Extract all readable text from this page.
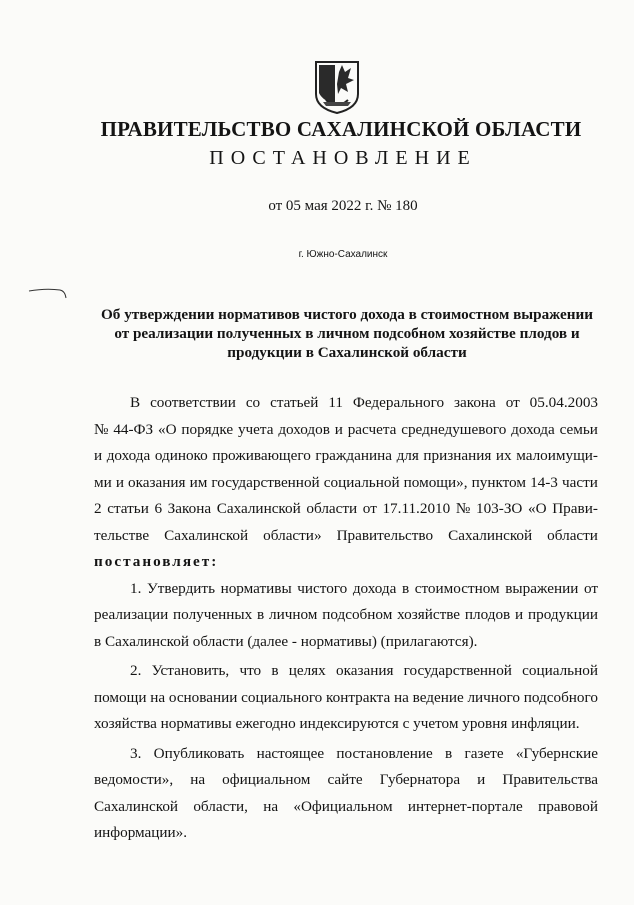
ПРАВИТЕЛЬСТВО САХАЛИНСКОЙ ОБЛАСТИ
ПОСТАНОВЛЕНИЕ
от 05 мая 2022 г. № 180
г. Южно-Сахалинск
Об утверждении нормативов чистого дохода в стоимостном выражении
от реализации полученных в личном подсобном хозяйстве плодов и
продукции в Сахалинской области
В соответствии со статьей 11 Федерального закона от 05.04.2003
№ 44-ФЗ «О порядке учета доходов и расчета среднедушевого дохода семьи
и дохода одиноко проживающего гражданина для признания их малоимущи-
ми и оказания им государственной социальной помощи», пунктом 14-3 части
2 статьи 6 Закона Сахалинской области от 17.11.2010 № 103-ЗО «О Прави-
тельстве Сахалинской области» Правительство Сахалинской области
постановляет:
1. Утвердить нормативы чистого дохода в стоимостном выражении от
реализации полученных в личном подсобном хозяйстве плодов и продукции
в Сахалинской области (далее - нормативы) (прилагаются).
2. Установить, что в целях оказания государственной социальной
помощи на основании социального контракта на ведение личного подсобного
хозяйства нормативы ежегодно индексируются с учетом уровня инфляции.
3. Опубликовать настоящее постановление в газете «Губернские
ведомости», на официальном сайте Губернатора и Правительства
Сахалинской области, на «Официальном интернет-портале правовой
информации».
